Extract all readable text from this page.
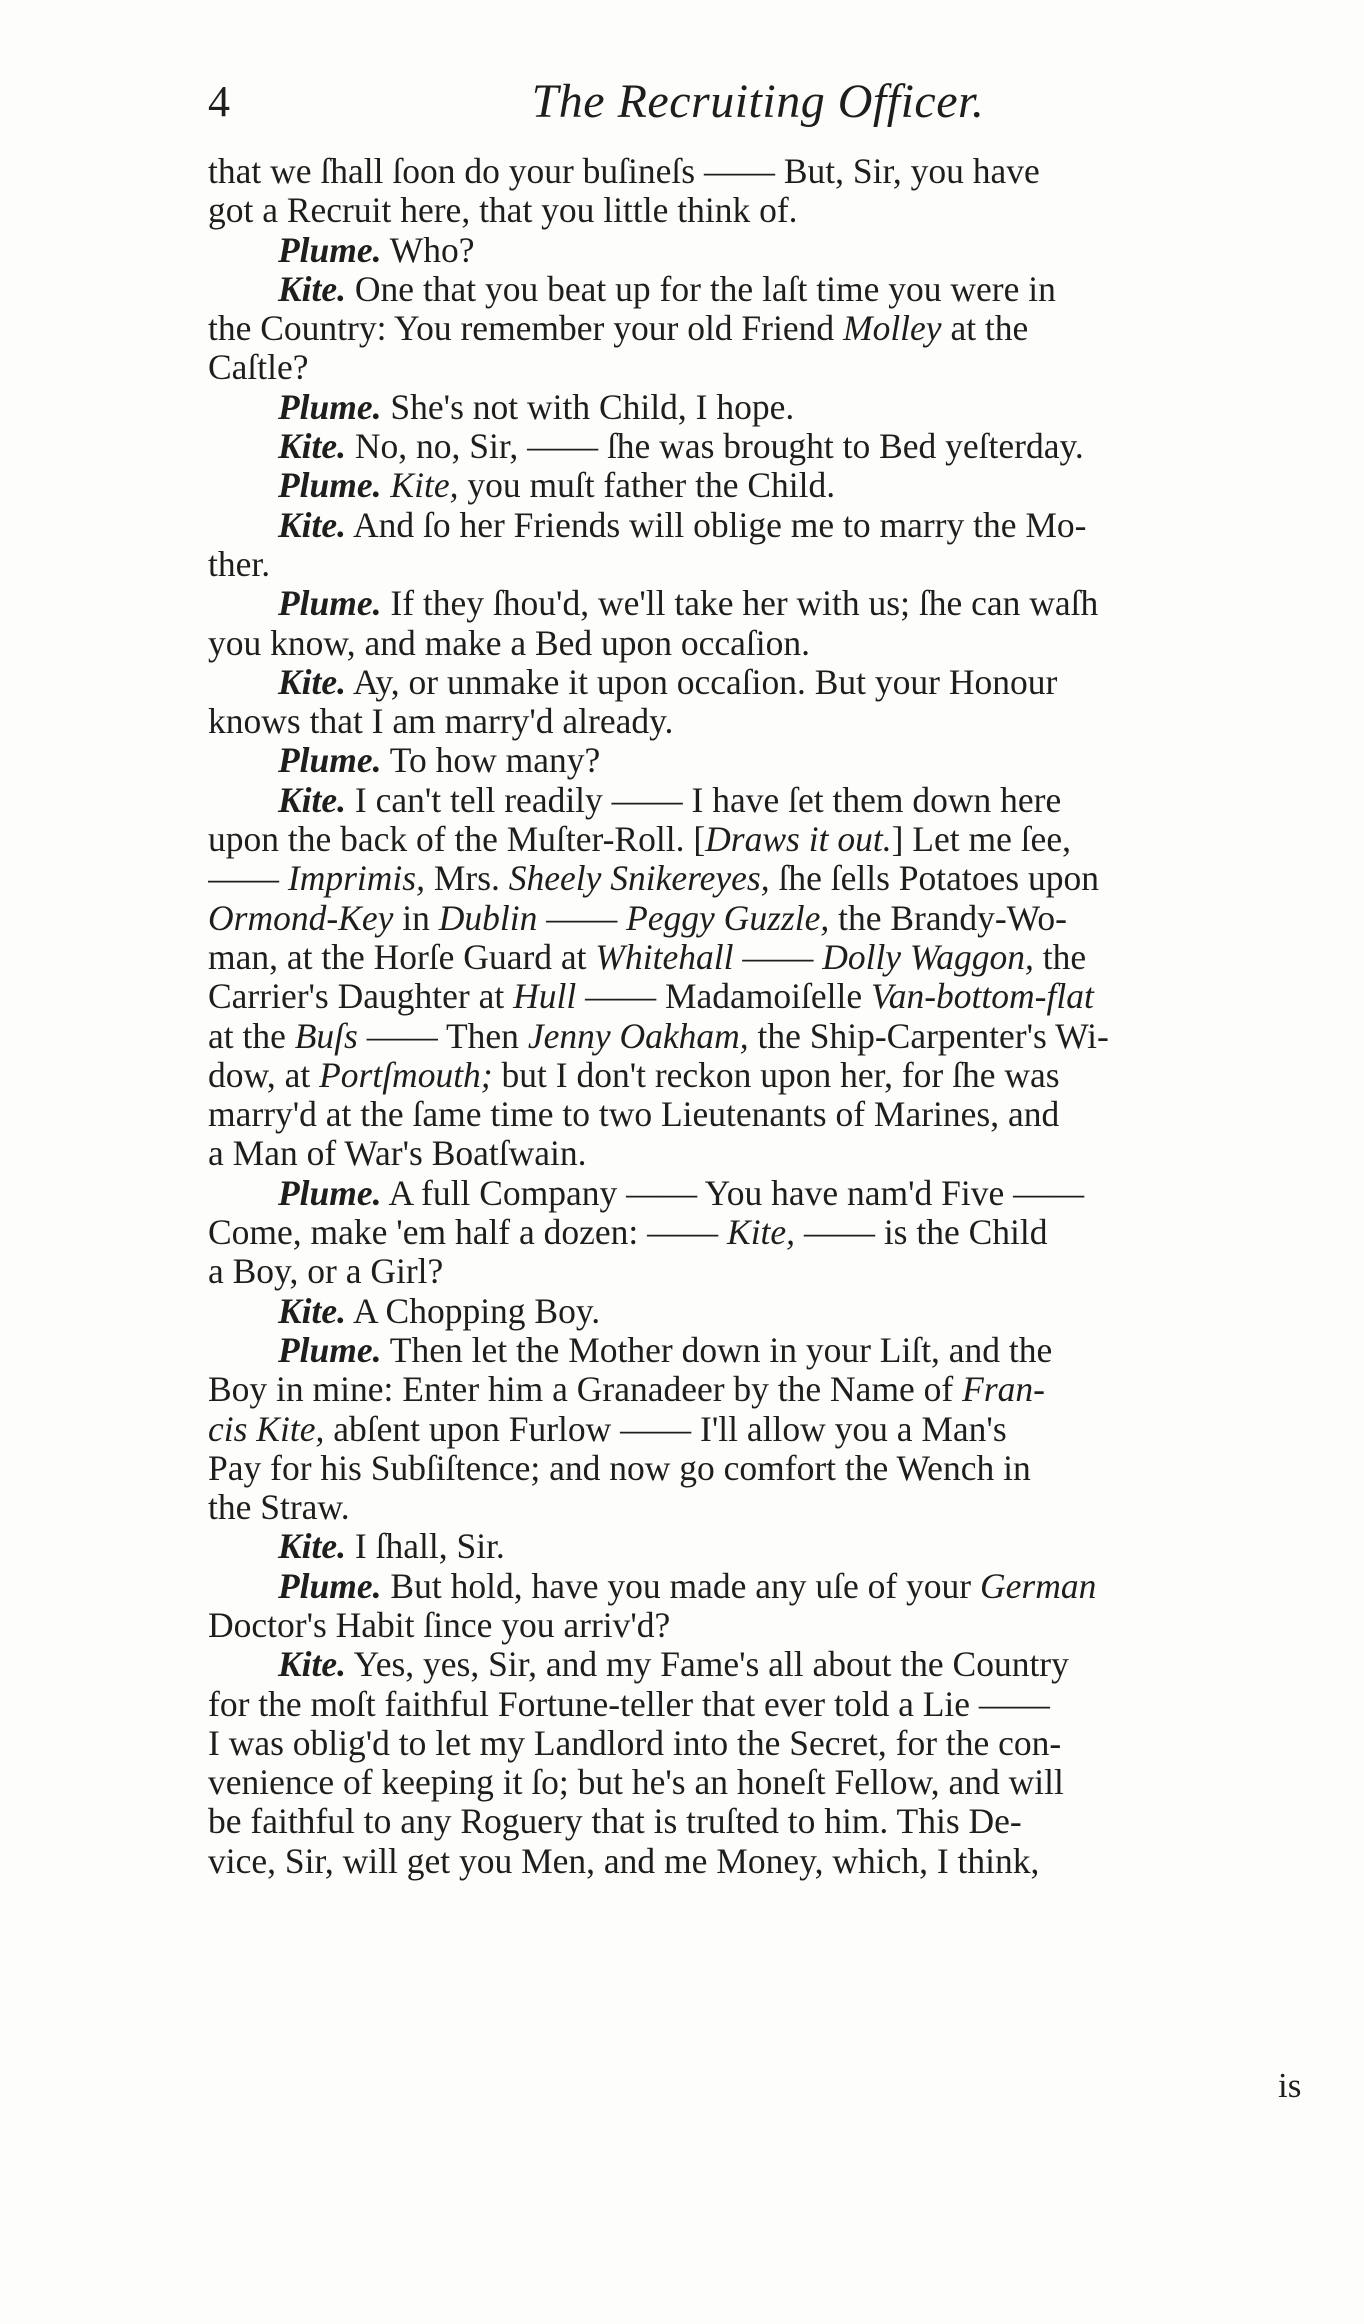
4	The Recruiting Officer.
that we ſhall ſoon do your buſineſs —— But, Sir, you have
got a Recruit here, that you little think of.
Plume. Who?
Kite. One that you beat up for the laſt time you were in
the Country: You remember your old Friend Molley at the
Caſtle?
Plume. She's not with Child, I hope.
Kite. No, no, Sir, —— ſhe was brought to Bed yeſterday.
Plume. Kite, you muſt father the Child.
Kite. And ſo her Friends will oblige me to marry the Mo-
ther.
Plume. If they ſhou'd, we'll take her with us; ſhe can waſh
you know, and make a Bed upon occaſion.
Kite. Ay, or unmake it upon occaſion. But your Honour
knows that I am marry'd already.
Plume. To how many?
Kite. I can't tell readily —— I have ſet them down here
upon the back of the Muſter-Roll. [Draws it out.] Let me ſee,
—— Imprimis, Mrs. Sheely Snikereyes, ſhe ſells Potatoes upon
Ormond-Key in Dublin —— Peggy Guzzle, the Brandy-Wo-
man, at the Horſe Guard at Whitehall —— Dolly Waggon, the
Carrier's Daughter at Hull —— Madamoiſelle Van-bottom-flat
at the Buſs —— Then Jenny Oakham, the Ship-Carpenter's Wi-
dow, at Portſmouth; but I don't reckon upon her, for ſhe was
marry'd at the ſame time to two Lieutenants of Marines, and
a Man of War's Boatſwain.
Plume. A full Company —— You have nam'd Five ——
Come, make 'em half a dozen: —— Kite, —— is the Child
a Boy, or a Girl?
Kite. A Chopping Boy.
Plume. Then let the Mother down in your Liſt, and the
Boy in mine: Enter him a Granadeer by the Name of Fran-
cis Kite, abſent upon Furlow —— I'll allow you a Man's
Pay for his Subſiſtence; and now go comfort the Wench in
the Straw.
Kite. I ſhall, Sir.
Plume. But hold, have you made any uſe of your German
Doctor's Habit ſince you arriv'd?
Kite. Yes, yes, Sir, and my Fame's all about the Country
for the moſt faithful Fortune-teller that ever told a Lie ——
I was oblig'd to let my Landlord into the Secret, for the con-
venience of keeping it ſo; but he's an honeſt Fellow, and will
be faithful to any Roguery that is truſted to him. This De-
vice, Sir, will get you Men, and me Money, which, I think,
is
